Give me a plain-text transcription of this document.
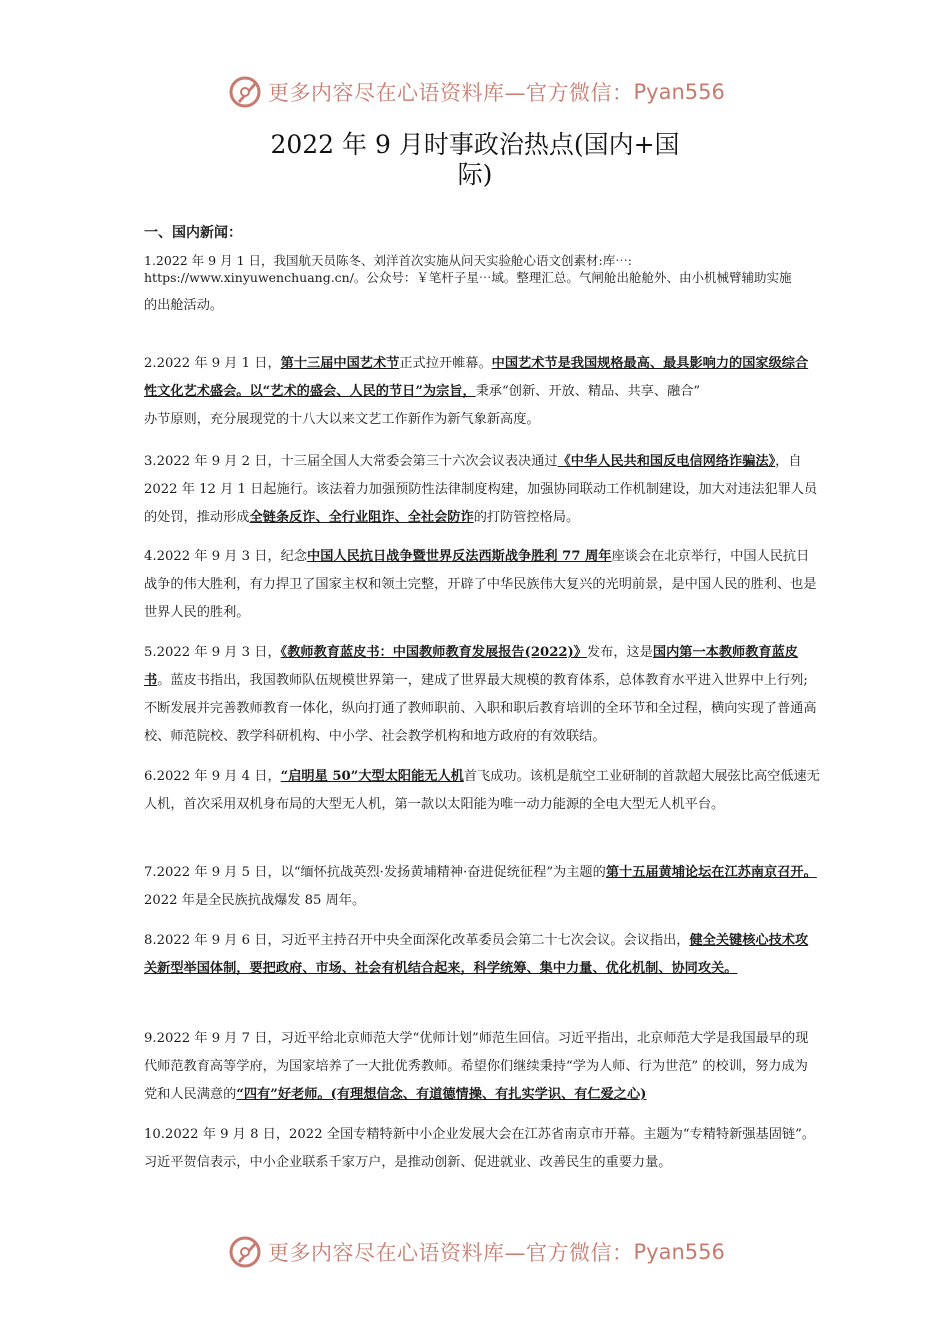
更多内容尽在心语资料库—官方微信： Pyan556
2022 年 9 月时事政治热点(国内+国
际)
一、国内新闻：

1.2022 年 9 月 1 日，我国航天员陈冬、刘洋首次实施从问天实验舱心语文创素材:库⋯:

https://www.xinyuwenchuang.cn/。公众号：￥笔杆子星⋯域。整理汇总。气闸舱出舱舱外、由小机械臂辅助实施

的出舱活动。

2.2022 年 9 月 1 日，第十三届中国艺术节正式拉开帷幕。中国艺术节是我国规格最高、最具影响力的国家级综合性文化艺术盛会。以“艺术的盛会、人民的节日”为宗旨，秉承“创新、开放、精品、共享、融合”

办节原则，充分展现党的十八大以来文艺工作新作为新气象新高度。

3.2022 年 9 月 2 日，十三届全国人大常委会第三十六次会议表决通过《中华人民共和国反电信网络诈骗法》，自 2022 年 12 月 1 日起施行。该法着力加强预防性法律制度构建，加强协同联动工作机制建设，加大对违法犯罪人员的处罚，推动形成全链条反诈、全行业阻诈、全社会防诈的打防管控格局。

4.2022 年 9 月 3 日，纪念中国人民抗日战争暨世界反法西斯战争胜利 77 周年座谈会在北京举行，中国人民抗日战争的伟大胜利，有力捍卫了国家主权和领土完整，开辟了中华民族伟大复兴的光明前景，是中国人民的胜利、也是世界人民的胜利。

5.2022 年 9 月 3 日，《教师教育蓝皮书：中国教师教育发展报告(2022)》发布，这是国内第一本教师教育蓝皮书。蓝皮书指出，我国教师队伍规模世界第一，建成了世界最大规模的教育体系，总体教育水平进入世界中上行列;不断发展并完善教师教育一体化，纵向打通了教师职前、入职和职后教育培训的全环节和全过程，横向实现了普通高校、师范院校、教学科研机构、中小学、社会教学机构和地方政府的有效联结。

6.2022 年 9 月 4 日，“启明星 50”大型太阳能无人机首飞成功。该机是航空工业研制的首款超大展弦比高空低速无人机，首次采用双机身布局的大型无人机，第一款以太阳能为唯一动力能源的全电大型无人机平台。

7.2022 年 9 月 5 日，以“缅怀抗战英烈·发扬黄埔精神·奋进促统征程”为主题的第十五届黄埔论坛在江苏南京召开。2022 年是全民族抗战爆发 85 周年。

8.2022 年 9 月 6 日，习近平主持召开中央全面深化改革委员会第二十七次会议。会议指出，健全关键核心技术攻关新型举国体制，要把政府、市场、社会有机结合起来，科学统筹、集中力量、优化机制、协同攻关。

9.2022 年 9 月 7 日，习近平给北京师范大学“优师计划”师范生回信。习近平指出，北京师范大学是我国最早的现代师范教育高等学府，为国家培养了一大批优秀教师。希望你们继续秉持“学为人师、行为世范” 的校训，努力成为党和人民满意的“四有”好老师。(有理想信念、有道德情操、有扎实学识、有仁爱之心)

10.2022 年 9 月 8 日，2022 全国专精特新中小企业发展大会在江苏省南京市开幕。主题为“专精特新强基固链”。习近平贺信表示，中小企业联系千家万户，是推动创新、促进就业、改善民生的重要力量。

更多内容尽在心语资料库—官方微信： Pyan556
